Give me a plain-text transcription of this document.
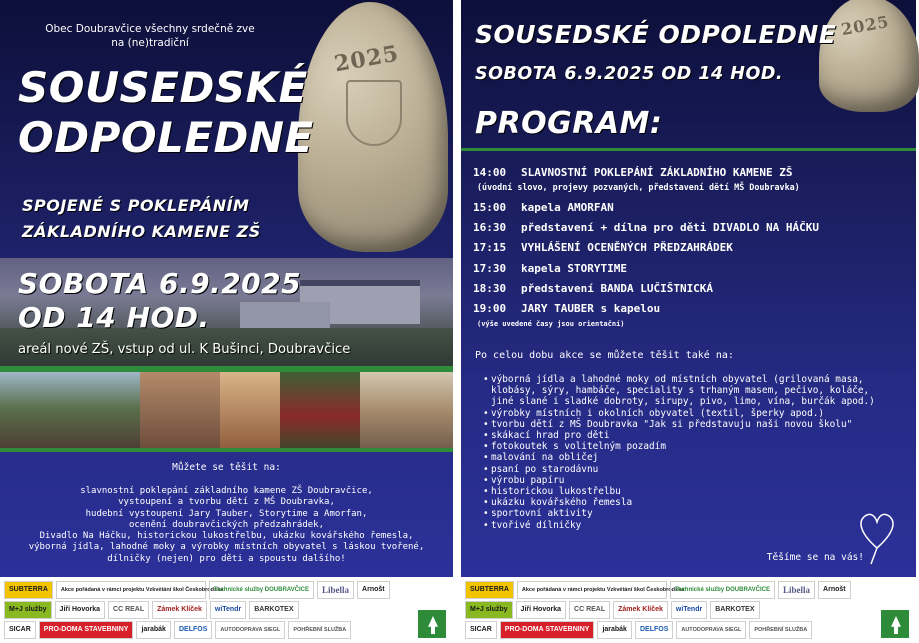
2025
Obec Doubravčice všechny srdečně zve
na (ne)tradiční
SOUSEDSKÉ
ODPOLEDNE
SPOJENÉ S POKLEPÁNÍM
ZÁKLADNÍHO KAMENE ZŠ
SOBOTA 6.9.2025
OD 14 HOD.
areál nové ZŠ, vstup od ul. K Bušinci, Doubravčice
Můžete se těšit na:
slavnostní poklepání základního kamene ZŠ Doubravčice,
vystoupení a tvorbu dětí z MŠ Doubravka,
hudební vystoupení Jary Tauber, Storytime a Amorfan,
ocenění doubravčických předzahrádek,
Divadlo Na Háčku, historickou lukostřelbu, ukázku kovářského řemesla,
výborná jídla, lahodné moky a výrobky místních obyvatel s láskou tvořené,
dílničky (nejen) pro děti a spoustu dalšího!
SUBTERRA	Akce pořádaná v rámci projektu Vzkvétání škol Českobrodska
Technické služby DOUBRAVČICE	Libella	Arnošt
M+J služby	Jiří Hovorka	CC REAL	Zámek Klíček	wiTendr	BARKOTEX
SICAR	PRO-DOMA STAVEBNINY	jarabák	DELFOS	AUTODOPRAVA SIEGL	POHŘEBNÍ SLUŽBA
2025
SOUSEDSKÉ ODPOLEDNE
SOBOTA 6.9.2025 OD 14 HOD.
PROGRAM:
14:00 SLAVNOSTNÍ POKLEPÁNÍ ZÁKLADNÍHO KAMENE ZŠ
(úvodní slovo, projevy pozvaných, představení dětí MŠ Doubravka)
15:00 kapela AMORFAN
16:30 představení + dílna pro děti DIVADLO NA HÁČKU
17:15 VYHLÁŠENÍ OCENĚNÝCH PŘEDZAHRÁDEK
17:30 kapela STORYTIME
18:30 představení BANDA LUČIŠTNICKÁ
19:00 JARY TAUBER s kapelou
(výše uvedené časy jsou orientační)
Po celou dobu akce se můžete těšit také na:
• výborná jídla a lahodné moky od místních obyvatel (grilovaná masa,
klobásy, sýry, hambáče, speciality s trhaným masem, pečivo, koláče,
jiné slané i sladké dobroty, sirupy, pivo, limo, vína, burčák apod.)
• výrobky místních i okolních obyvatel (textil, šperky apod.)
• tvorbu dětí z MŠ Doubravka "Jak si představuju naši novou školu"
• skákací hrad pro děti
• fotokoutek s volitelným pozadím
• malování na obličej
• psaní po starodávnu
• výrobu papíru
• historickou lukostřelbu
• ukázku kovářského řemesla
• sportovní aktivity
• tvořivé dílničky
Těšíme se na vás!
SUBTERRA	Akce pořádaná v rámci projektu Vzkvétání škol Českobrodska
Technické služby DOUBRAVČICE	Libella	Arnošt
M+J služby	Jiří Hovorka	CC REAL	Zámek Klíček	wiTendr	BARKOTEX
SICAR	PRO-DOMA STAVEBNINY	jarabák	DELFOS	AUTODOPRAVA SIEGL	POHŘEBNÍ SLUŽBA
